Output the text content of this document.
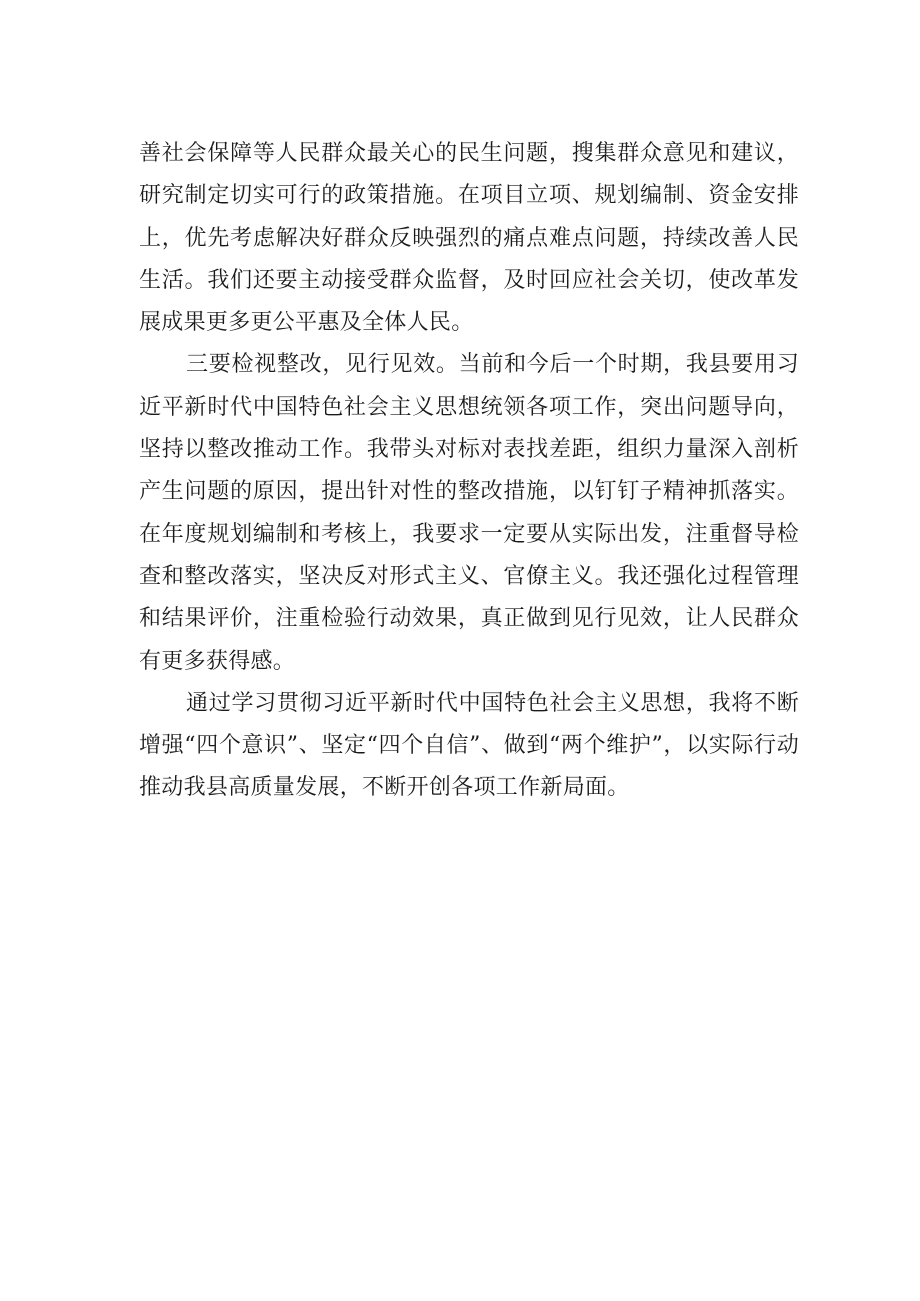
善社会保障等人民群众最关心的民生问题，搜集群众意见和建议，研究制定切实可行的政策措施。在项目立项、规划编制、资金安排上，优先考虑解决好群众反映强烈的痛点难点问题，持续改善人民生活。我们还要主动接受群众监督，及时回应社会关切，使改革发展成果更多更公平惠及全体人民。

三要检视整改，见行见效。当前和今后一个时期，我县要用习近平新时代中国特色社会主义思想统领各项工作，突出问题导向，坚持以整改推动工作。我带头对标对表找差距，组织力量深入剖析产生问题的原因，提出针对性的整改措施，以钉钉子精神抓落实。在年度规划编制和考核上，我要求一定要从实际出发，注重督导检查和整改落实，坚决反对形式主义、官僚主义。我还强化过程管理和结果评价，注重检验行动效果，真正做到见行见效，让人民群众有更多获得感。

通过学习贯彻习近平新时代中国特色社会主义思想，我将不断增强“四个意识”、坚定“四个自信”、做到“两个维护”，以实际行动推动我县高质量发展，不断开创各项工作新局面。
